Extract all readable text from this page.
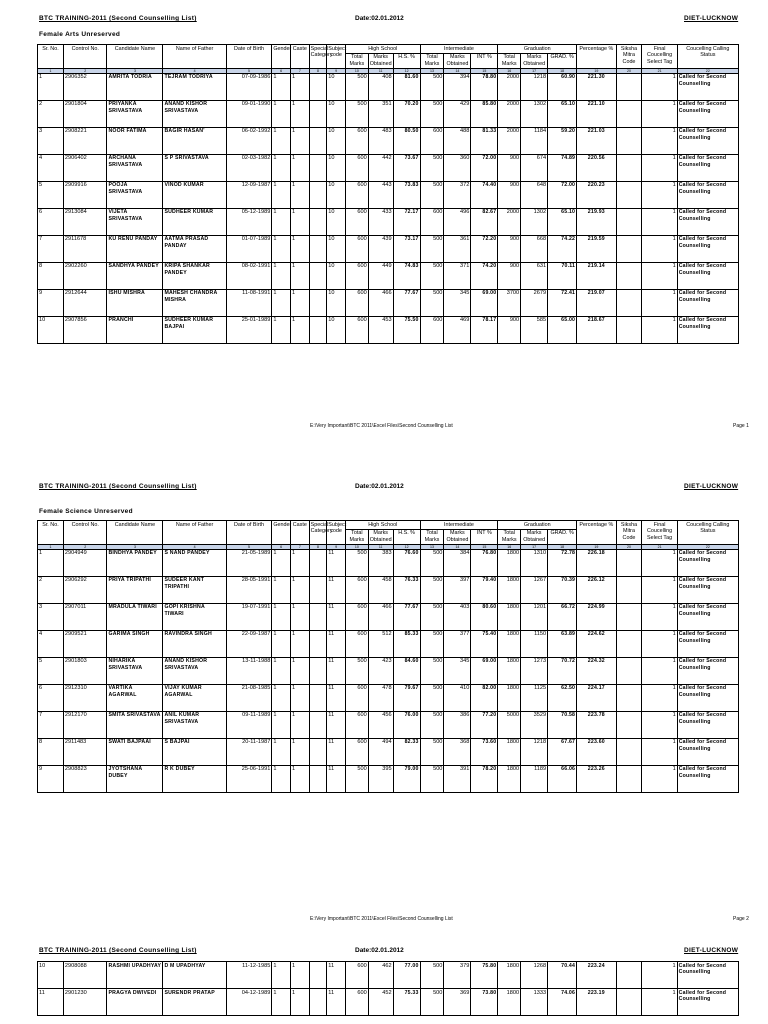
BTC TRAINING-2011 (Second Counselling List)	Date:02.01.2012	DIET-LUCKNOW
Female Arts Unreserved
Sr. No.	Control No.	Candidate Name	Name of Father	Date of Birth	Gender	Caste	Special Category	Subject code	High School			Intermediate			Graduation			Percentage %	Siksha Mitra Code	Final Coucelling Select Tag	Coucelling Calling Status
									Total Marks	Marks Obtained	H.S. %	Total Marks	Marks Obtained	INT %	Total Marks	Marks Obtained	GRAD. %				
1	2	3	4	5	6	7	8	9	10	11	12	13	14	15	16	17	18	19	20	21	22
1	2906352	AMRITA TODRIA	TEJRAM TODRIYA	07-09-1986	1	1		10	500	408	81.60	500	394	78.80	2000	1218	60.90	221.30		1	Called for Second Counselling
2	2901804	PRIYANKA SRIVASTAVA	ANAND KISHOR SRIVASTAVA	09-01-1990	1	1		10	500	351	70.20	500	429	85.80	2000	1302	65.10	221.10		1	Called for Second Counselling
3	2908221	NOOR FATIMA	BAGIR HASAN'	06-02-1992	1	1		10	600	483	80.50	600	488	81.33	2000	1184	59.20	221.03		1	Called for Second Counselling
4	2906402	ARCHANA SRIVASTAVA	S P SRIVASTAVA	02-03-1982	1	1		10	600	442	73.67	500	360	72.00	900	674	74.89	220.56		1	Called for Second Counselling
5	2909916	POOJA SRIVASTAVA	VINOD KUMAR	12-09-1987	1	1		10	600	443	73.83	500	372	74.40	900	648	72.00	220.23		1	Called for Second Counselling
6	2913084	VIJETA SRIVASTAVA	SUDHEER KUMAR	05-12-1989	1	1		10	600	433	72.17	600	496	82.67	2000	1302	65.10	219.93		1	Called for Second Counselling
7	2911678	KU RENU PANDAY	AATMA PRASAD PANDAY	01-07-1989	1	1		10	600	439	73.17	500	361	72.20	900	668	74.22	219.59		1	Called for Second Counselling
8	2902260	SANDHYA PANDEY	KRIPA SHANKAR PANDEY	08-02-1991	1	1		10	600	449	74.83	500	371	74.20	900	631	70.11	219.14		1	Called for Second Counselling
9	2912644	ISHU MISHRA	MAHESH CHANDRA MISHRA	11-08-1991	1	1		10	600	466	77.67	500	345	69.00	3700	2679	72.41	219.07		1	Called for Second Counselling
10	2907856	PRANCHI	SUDHEER KUMAR BAJPAI	25-01-1989	1	1		10	600	453	75.50	600	469	78.17	900	585	65.00	218.67		1	Called for Second Counselling
E:\Very Important\BTC 2011\Excel Files\Second Counselling List	Page 1
BTC TRAINING-2011 (Second Counselling List)	Date:02.01.2012	DIET-LUCKNOW
Female Science Unreserved
Sr. No.	Control No.	Candidate Name	Name of Father	Date of Birth	Gender	Caste	Special Category	Subject code	High School			Intermediate			Graduation			Percentage %	Siksha Mitra Code	Final Coucelling Select Tag	Coucelling Calling Status
									Total Marks	Marks Obtained	H.S. %	Total Marks	Marks Obtained	INT %	Total Marks	Marks Obtained	GRAD. %				
1	2	3	4	5	6	7	8	9	10	11	12	13	14	15	16	17	18	19	20	21	22
1	2904949	BINDHYA PANDEY	S NAND PANDEY	21-05-1989	1	1		11	500	383	76.60	500	384	76.80	1800	1310	72.78	226.18		1	Called for Second Counselling
2	2906292	PRIYA TRIPATHI	SUDEER KANT TRIPATHI	28-05-1991	1	1		11	600	458	76.33	500	397	79.40	1800	1267	70.39	226.12		1	Called for Second Counselling
3	2907011	MRADULA TIWARI	GOPI KRISHNA TIWARI	19-07-1991	1	1		11	600	466	77.67	500	403	80.60	1800	1201	66.72	224.99		1	Called for Second Counselling
4	2909521	GARIMA SINGH	RAVINDRA SINGH	22-09-1987	1	1		11	600	512	85.33	500	377	75.40	1800	1150	63.89	224.62		1	Called for Second Counselling
5	2901803	NIHARIKA SRIVASTAVA	ANAND KISHOR SRIVASTAVA	13-11-1988	1	1		11	500	423	84.60	500	345	69.00	1800	1273	70.72	224.32		1	Called for Second Counselling
6	2912310	VARTIKA AGARWAL	VIJAY KUMAR AGARWAL	21-08-1985	1	1		11	600	478	79.67	500	410	82.00	1800	1125	62.50	224.17		1	Called for Second Counselling
7	2912170	SMITA SRIVASTAVA	ANIL KUMAR SRIVASTAVA	09-11-1989	1	1		11	600	456	76.00	500	386	77.20	5000	3529	70.58	223.78		1	Called for Second Counselling
8	2911483	SWATI BAJPAAI	S BAJPAI	20-11-1987	1	1		11	600	494	82.33	500	368	73.60	1800	1218	67.67	223.60		1	Called for Second Counselling
9	2908823	JYOTSHANA DUBEY	R K DUBEY	25-06-1991	1	1		11	500	395	79.00	500	391	78.20	1800	1189	66.06	223.26		1	Called for Second Counselling
E:\Very Important\BTC 2011\Excel Files\Second Counselling List	Page 2
BTC TRAINING-2011 (Second Counselling List)	Date:02.01.2012	DIET-LUCKNOW
10	2908088	RASHMI UPADHYAY	D M UPADHYAY	11-12-1985	1	1		11	600	462	77.00	500	379	75.80	1800	1268	70.44	223.24		1	Called for Second Counselling
11	2901230	PRAGYA DWIVEDI	SURENDR PRATAP	04-12-1989	1	1		11	600	452	75.33	500	369	73.80	1800	1333	74.06	223.19		1	Called for Second Counselling
